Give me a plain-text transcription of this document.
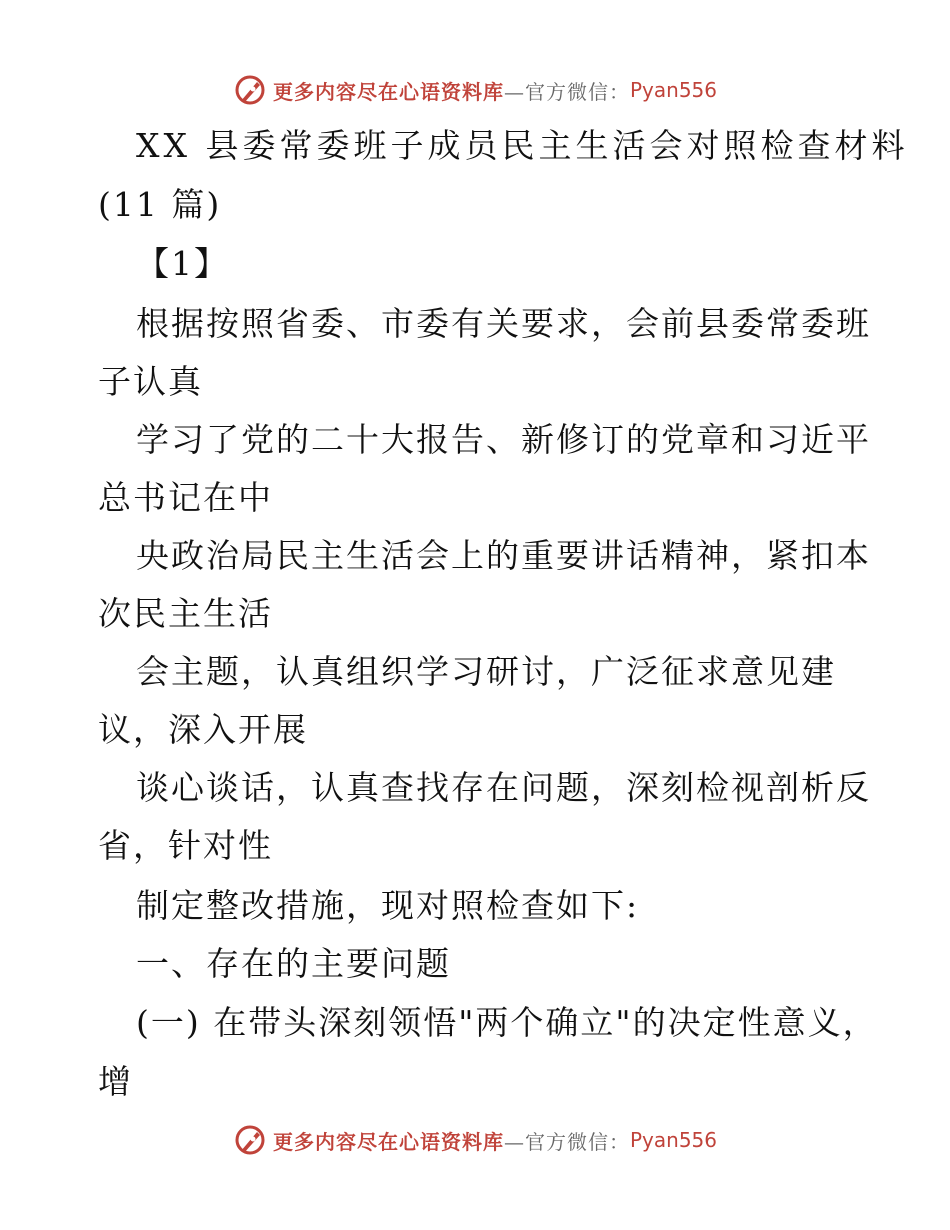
更多内容尽在心语资料库 —官方微信： Pyan556
XX 县委常委班子成员民主生活会对照检查材料
(11 篇)
【1】
根据按照省委、市委有关要求，会前县委常委班
子认真
学习了党的二十大报告、新修订的党章和习近平
总书记在中
央政治局民主生活会上的重要讲话精神，紧扣本
次民主生活
会主题，认真组织学习研讨，广泛征求意见建
议，深入开展
谈心谈话，认真查找存在问题，深刻检视剖析反
省，针对性
制定整改措施，现对照检查如下:
一、存在的主要问题
(一) 在带头深刻领悟"两个确立"的决定性意义，
增
更多内容尽在心语资料库 —官方微信： Pyan556
